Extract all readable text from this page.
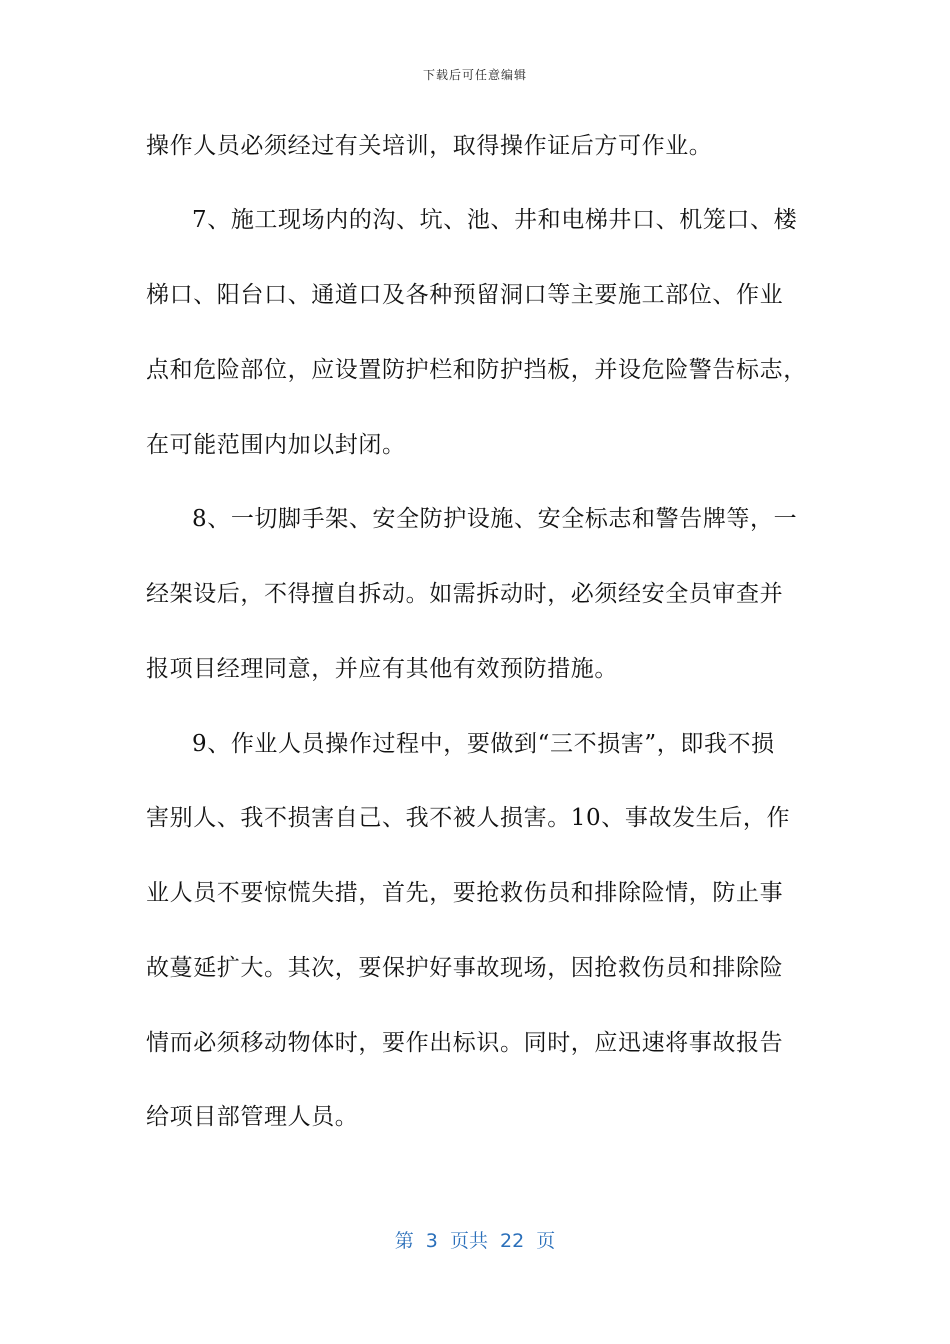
下载后可任意编辑
操作人员必须经过有关培训，取得操作证后方可作业。
7、施工现场内的沟、坑、池、井和电梯井口、机笼口、楼
梯口、阳台口、通道口及各种预留洞口等主要施工部位、作业
点和危险部位，应设置防护栏和防护挡板，并设危险警告标志，
在可能范围内加以封闭。
8、一切脚手架、安全防护设施、安全标志和警告牌等，一
经架设后，不得擅自拆动。如需拆动时，必须经安全员审查并
报项目经理同意，并应有其他有效预防措施。
9、作业人员操作过程中，要做到“三不损害”，即我不损
害别人、我不损害自己、我不被人损害。10、事故发生后，作
业人员不要惊慌失措，首先，要抢救伤员和排除险情，防止事
故蔓延扩大。其次，要保护好事故现场，因抢救伤员和排除险
情而必须移动物体时，要作出标识。同时，应迅速将事故报告
给项目部管理人员。
第  3  页共  22  页
